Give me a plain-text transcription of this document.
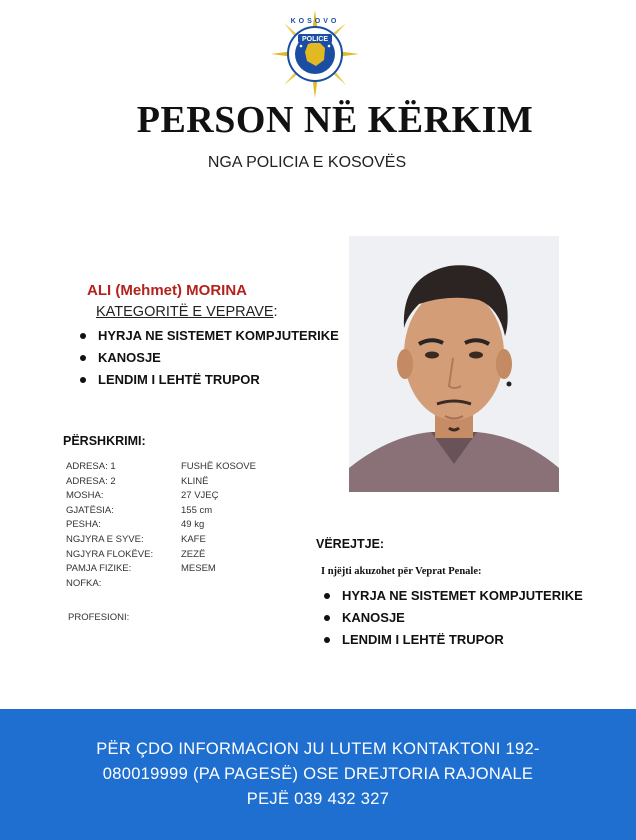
POLICE
KOSOVO
PERSON NË KËRKIM
NGA POLICIA E KOSOVËS
ALI (Mehmet) MORINA
KATEGORITË E VEPRAVE:
HYRJA NE SISTEMET KOMPJUTERIKE
KANOSJE
LENDIM I LEHTË TRUPOR
PËRSHKRIMI:
ADRESA: 1	FUSHË KOSOVE
ADRESA: 2	KLINË
MOSHA:	27 VJEÇ
GJATËSIA:	155 cm
PESHA:	49 kg
NGJYRA E SYVE:	KAFE
NGJYRA FLOKËVE:	ZEZË
PAMJA FIZIKE:	MESEM
NOFKA:
PROFESIONI:
VËREJTJE:
I njëjti akuzohet për Veprat Penale:
HYRJA NE SISTEMET KOMPJUTERIKE
KANOSJE
LENDIM I LEHTË TRUPOR
PËR ÇDO INFORMACION JU LUTEM KONTAKTONI 192-
080019999 (PA PAGESË) OSE DREJTORIA RAJONALE
PEJË 039 432 327
